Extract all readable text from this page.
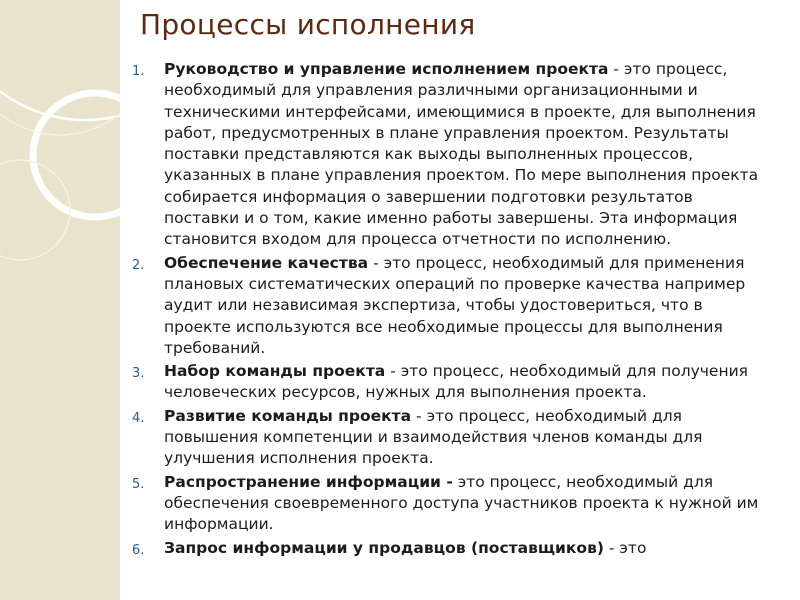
Процессы исполнения
1.	Руководство и управление исполнением проекта - это процесс, необходимый для управления различными организационными и техническими интерфейсами, имеющимися в проекте, для выполнения работ, предусмотренных в плане управления проектом. Результаты поставки представляются как выходы выполненных процессов, указанных в плане управления проектом. По мере выполнения проекта собирается информация о завершении подготовки результатов поставки и о том, какие именно работы завершены. Эта информация становится входом для процесса отчетности по исполнению.
2.	Обеспечение качества - это процесс, необходимый для применения плановых систематических операций по проверке качества например аудит или независимая экспертиза, чтобы удостовериться, что в проекте используются все необходимые процессы для выполнения требований.
3.	Набор команды проекта - это процесс, необходимый для получения человеческих ресурсов, нужных для выполнения проекта.
4.	Развитие команды проекта - это процесс, необходимый для повышения компетенции и взаимодействия членов команды для улучшения исполнения проекта.
5.	Распространение информации - это процесс, необходимый для обеспечения своевременного доступа участников проекта к нужной им информации.
6.	Запрос информации у продавцов (поставщиков) - это
